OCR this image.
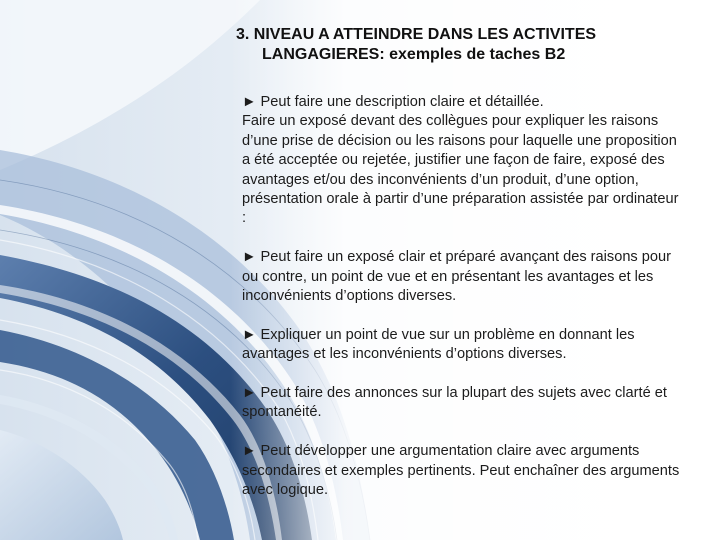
3. NIVEAU A ATTEINDRE DANS LES ACTIVITES
LANGAGIERES: exemples de taches B2

► Peut faire une description claire et détaillée.
Faire un exposé devant des collègues pour expliquer les raisons d’une prise de décision ou les raisons pour laquelle une proposition a été acceptée ou rejetée, justifier une façon de faire, exposé des avantages et/ou des inconvénients d’un produit, d’une option, présentation orale à partir d’une préparation assistée par ordinateur :

► Peut faire un exposé clair et préparé avançant des raisons pour ou contre, un point de vue et en présentant les avantages et les inconvénients d’options diverses.

► Expliquer un point de vue sur un problème en donnant les avantages et les inconvénients d’options diverses.

► Peut faire des annonces sur la plupart des sujets avec clarté et spontanéité.

► Peut développer une argumentation claire avec arguments secondaires et exemples pertinents. Peut enchaîner des arguments avec logique.
